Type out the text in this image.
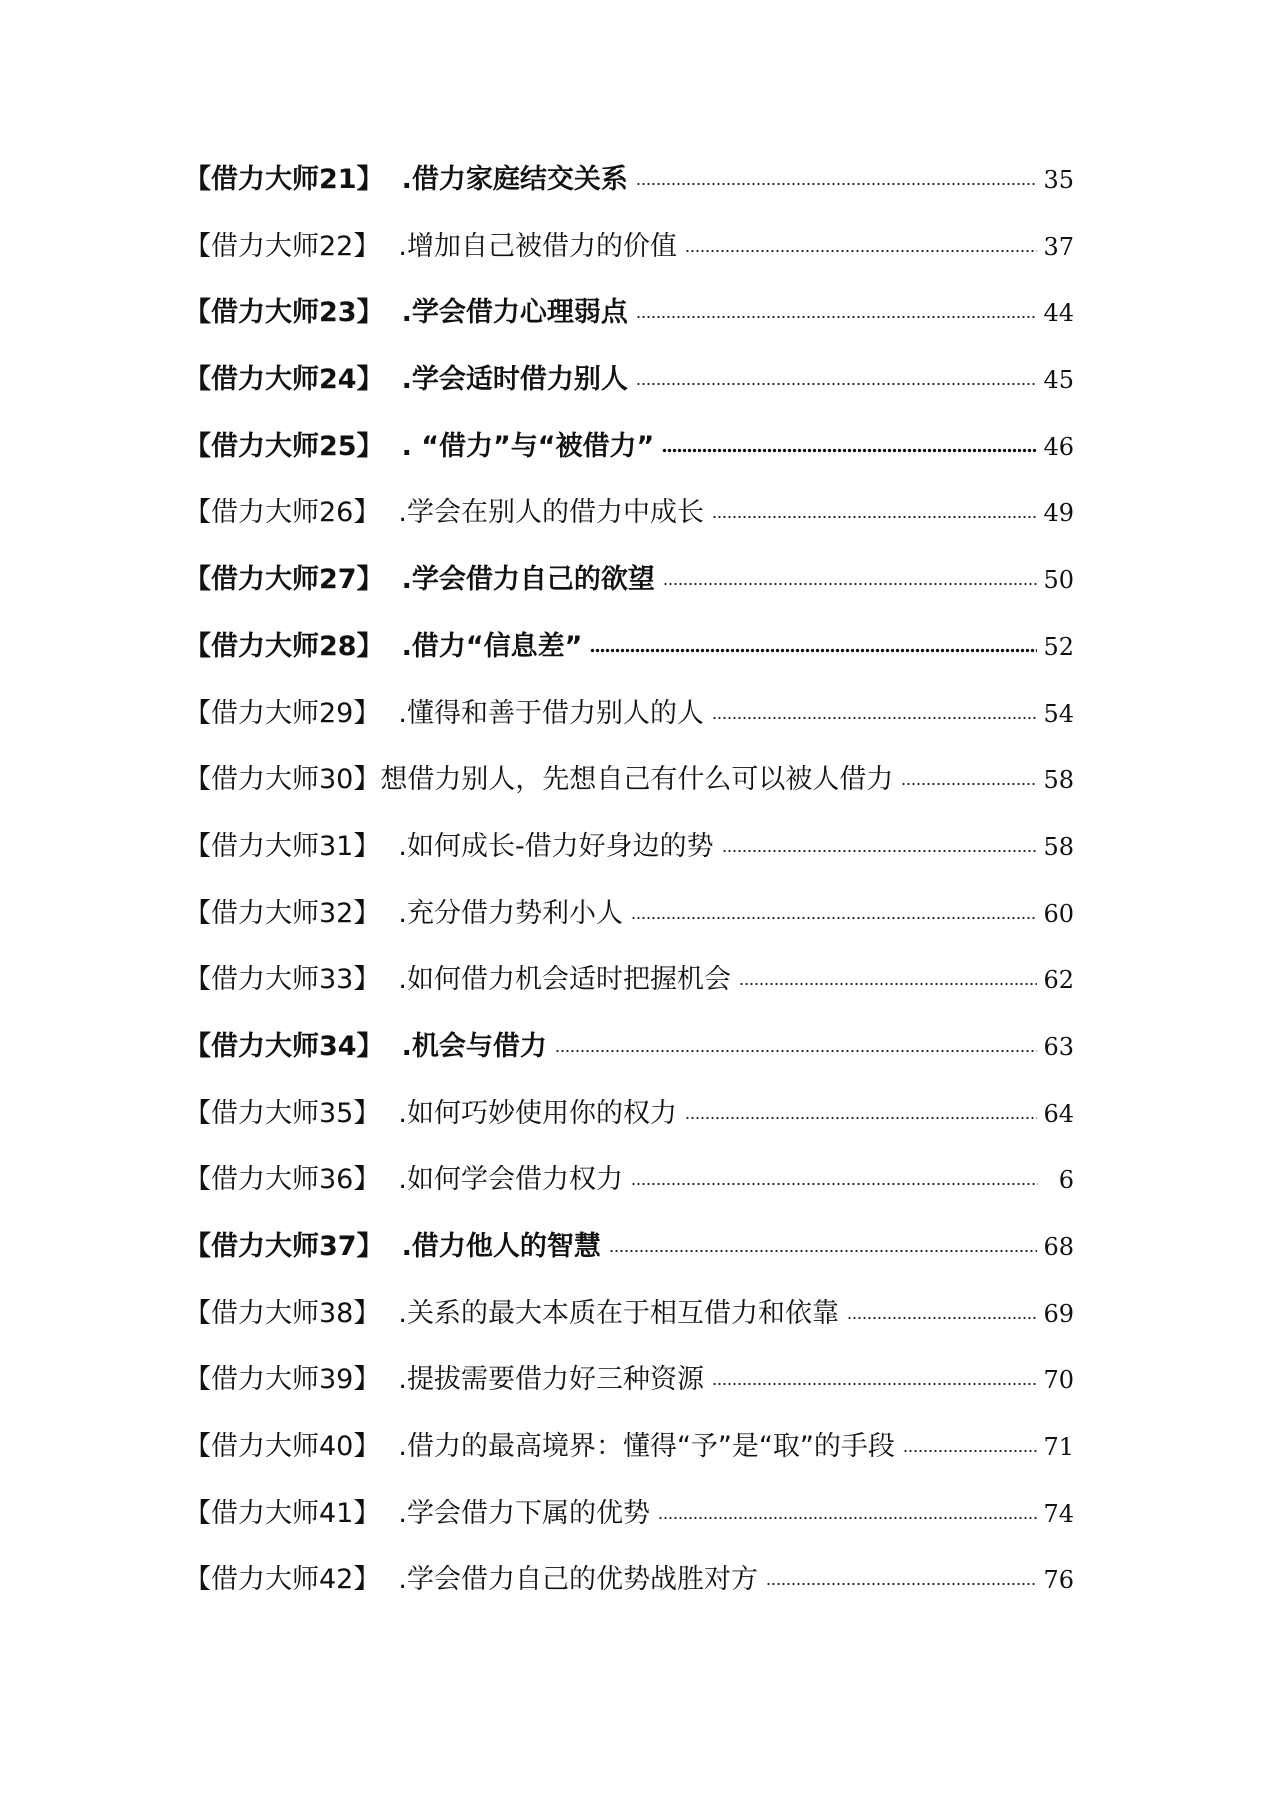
【借力大师21】 .借力家庭结交关系	35
【借力大师22】 .增加自己被借力的价值	37
【借力大师23】 .学会借力心理弱点	44
【借力大师24】 .学会适时借力别人	45
【借力大师25】 . “借力”与“被借力”	46
【借力大师26】 .学会在别人的借力中成长	49
【借力大师27】 .学会借力自己的欲望	50
【借力大师28】 .借力“信息差”	52
【借力大师29】 .懂得和善于借力别人的人	54
【借力大师30】 想借力别人，先想自己有什么可以被人借力	58
【借力大师31】 .如何成长-借力好身边的势	58
【借力大师32】 .充分借力势利小人	60
【借力大师33】 .如何借力机会适时把握机会	62
【借力大师34】 .机会与借力	63
【借力大师35】 .如何巧妙使用你的权力	64
【借力大师36】 .如何学会借力权力	6
【借力大师37】 .借力他人的智慧	68
【借力大师38】 .关系的最大本质在于相互借力和依靠	69
【借力大师39】 .提拔需要借力好三种资源	70
【借力大师40】 .借力的最高境界：懂得“予”是“取”的手段	71
【借力大师41】 .学会借力下属的优势	74
【借力大师42】 .学会借力自己的优势战胜对方	76
